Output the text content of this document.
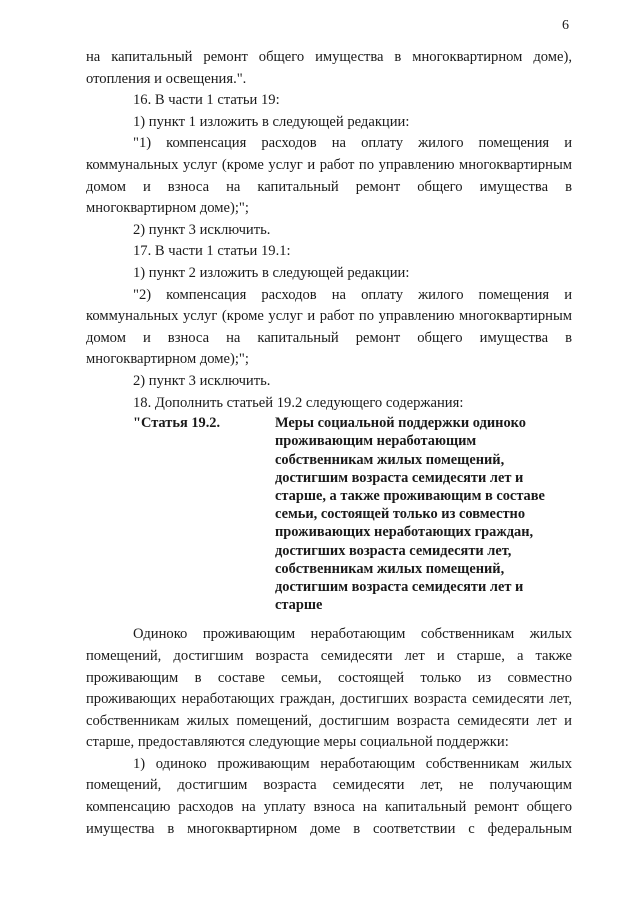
6

на капитальный ремонт общего имущества в многоквартирном доме), отопления и освещения.".

16. В части 1 статьи 19:

1) пункт 1 изложить в следующей редакции:

"1) компенсация расходов на оплату жилого помещения и коммунальных услуг (кроме услуг и работ по управлению многоквартирным домом и взноса на капитальный ремонт общего имущества в многоквартирном доме);";

2) пункт 3 исключить.

17. В части 1 статьи 19.1:

1) пункт 2 изложить в следующей редакции:

"2) компенсация расходов на оплату жилого помещения и коммунальных услуг (кроме услуг и работ по управлению многоквартирным домом и взноса на капитальный ремонт общего имущества в многоквартирном доме);";

2) пункт 3 исключить.

18. Дополнить статьей 19.2 следующего содержания:

"Статья 19.2.	Меры социальной поддержки одиноко проживающим неработающим собственникам жилых помещений, достигшим возраста семидесяти лет и старше, а также проживающим в составе семьи, состоящей только из совместно проживающих неработающих граждан, достигших возраста семидесяти лет, собственникам жилых помещений, достигшим возраста семидесяти лет и старше

Одиноко проживающим неработающим собственникам жилых помещений, достигшим возраста семидесяти лет и старше, а также проживающим в составе семьи, состоящей только из совместно проживающих неработающих граждан, достигших возраста семидесяти лет, собственникам жилых помещений, достигшим возраста семидесяти лет и старше, предоставляются следующие меры социальной поддержки:

1) одиноко проживающим неработающим собственникам жилых помещений, достигшим возраста семидесяти лет, не получающим компенсацию расходов на уплату взноса на капитальный ремонт общего имущества в многоквартирном доме в соответствии с федеральным
